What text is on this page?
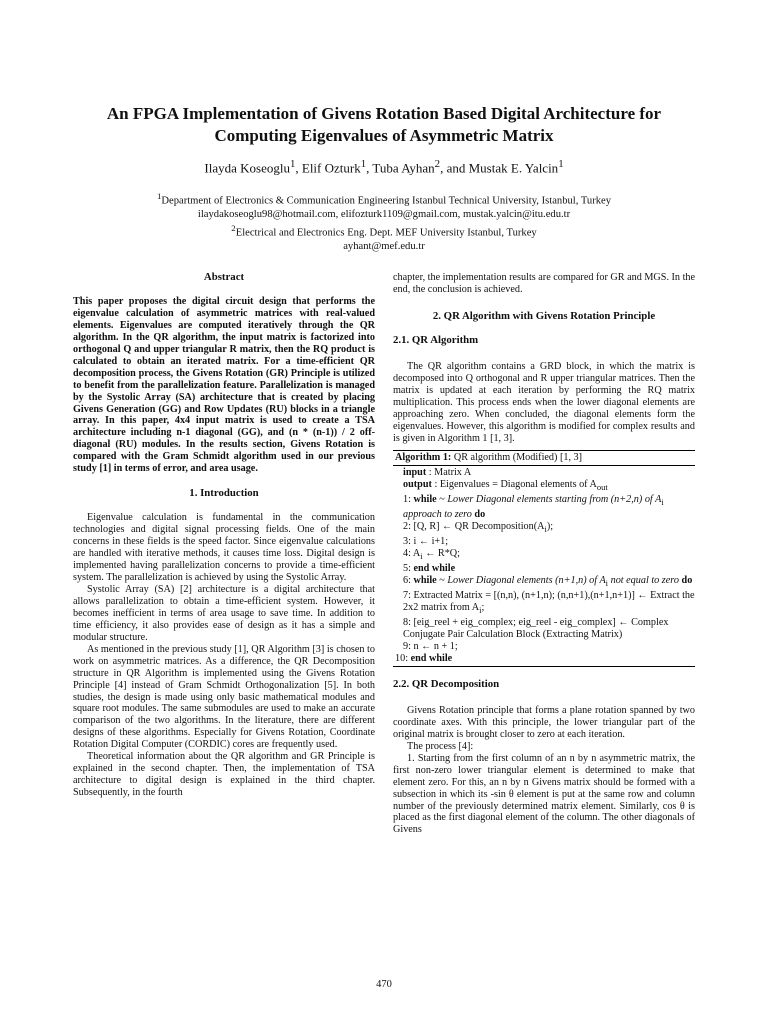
An FPGA Implementation of Givens Rotation Based Digital Architecture for
Computing Eigenvalues of Asymmetric Matrix
Ilayda Koseoglu$^1$, Elif Ozturk$^1$, Tuba Ayhan$^2$, and Mustak E. Yalcin$^1$
$^1$Department of Electronics & Communication Engineering Istanbul Technical University, Istanbul, Turkey
ilaydakoseoglu98@hotmail.com, elifozturk1109@gmail.com, mustak.yalcin@itu.edu.tr
$^2$Electrical and Electronics Eng. Dept. MEF University Istanbul, Turkey
ayhant@mef.edu.tr
Abstract

This paper proposes the digital circuit design that performs the eigenvalue calculation of asymmetric matrices with real-valued elements. Eigenvalues are computed iteratively through the QR algorithm. In the QR algorithm, the input matrix is factorized into orthogonal Q and upper triangular R matrix, then the RQ product is calculated to obtain an iterated matrix. For a time-efficient QR decomposition process, the Givens Rotation (GR) Principle is utilized to benefit from the parallelization feature. Parallelization is managed by the Systolic Array (SA) architecture that is created by placing Givens Generation (GG) and Row Updates (RU) blocks in a triangle array. In this paper, 4x4 input matrix is used to create a TSA architecture including n-1 diagonal (GG), and (n * (n-1)) / 2 off-diagonal (RU) modules. In the results section, Givens Rotation is compared with the Gram Schmidt algorithm used in our previous study [1] in terms of error, and area usage.

1. Introduction

Eigenvalue calculation is fundamental in the communication technologies and digital signal processing fields. One of the main concerns in these fields is the speed factor. Since eigenvalue calculations are handled with iterative methods, it causes time loss. Digital design is implemented having parallelization concerns to provide a time-efficient system. The parallelization is achieved by using the Systolic Array.

Systolic Array (SA) [2] architecture is a digital architecture that allows parallelization to obtain a time-efficient system. However, it becomes inefficient in terms of area usage to save time. In addition to time efficiency, it also provides ease of design as it has a simple and modular structure.

As mentioned in the previous study [1], QR Algorithm [3] is chosen to work on asymmetric matrices. As a difference, the QR Decomposition structure in QR Algorithm is implemented using the Givens Rotation Principle [4] instead of Gram Schmidt Orthogonalization [5]. In both studies, the design is made using only basic mathematical modules and square root modules. The same submodules are used to make an accurate comparison of the two algorithms. In the literature, there are different designs of these algorithms. Especially for Givens Rotation, Coordinate Rotation Digital Computer (CORDIC) cores are frequently used.

Theoretical information about the QR algorithm and GR Principle is explained in the second chapter. Then, the implementation of TSA architecture to digital design is explained in the third chapter. Subsequently, in the fourth

chapter, the implementation results are compared for GR and MGS. In the end, the conclusion is achieved.

2. QR Algorithm with Givens Rotation Principle
2.1. QR Algorithm

The QR algorithm contains a GRD block, in which the matrix is decomposed into Q orthogonal and R upper triangular matrices. Then the matrix is updated at each iteration by performing the RQ matrix multiplication. This process ends when the lower diagonal elements are approaching zero. When concluded, the diagonal elements form the eigenvalues. However, this algorithm is modified for complex results and is given in Algorithm 1 [1, 3].

Algorithm 1: QR algorithm (Modified) [1, 3]
input : Matrix A
output : Eigenvalues = Diagonal elements of $A_{out}$
1: while ~ Lower Diagonal elements starting from (n+2,n) of $A_i$ approach to zero do
2: [Q, R] ← QR $Decomposition(A_i)$;
3: i ← i+1;
4: $A_i$ ← R*Q;
5: end while
6: while ~ Lower Diagonal elements (n+1,n) of $A_i$ not equal to zero do
7: Extracted Matrix = [(n,n), (n+1,n); (n,n+1),(n+1,n+1)] ← Extract the 2x2 matrix from $A_i$;
8: [eig_reel + eig_complex; eig_reel - eig_complex] ← Complex Conjugate Pair Calculation Block (Extracting Matrix)
9: n ← n + 1;
10: end while
2.2. QR Decomposition

Givens Rotation principle that forms a plane rotation spanned by two coordinate axes. With this principle, the lower triangular part of the original matrix is brought closer to zero at each iteration.

The process [4]:

1. Starting from the first column of an n by n asymmetric matrix, the first non-zero lower triangular element is determined to make that element zero. For this, an n by n Givens matrix should be formed with a subsection in which its -sin θ element is put at the same row and column number of the previously determined matrix element. Similarly, cos θ is placed as the first diagonal element of the column. The other diagonals of Givens

470
